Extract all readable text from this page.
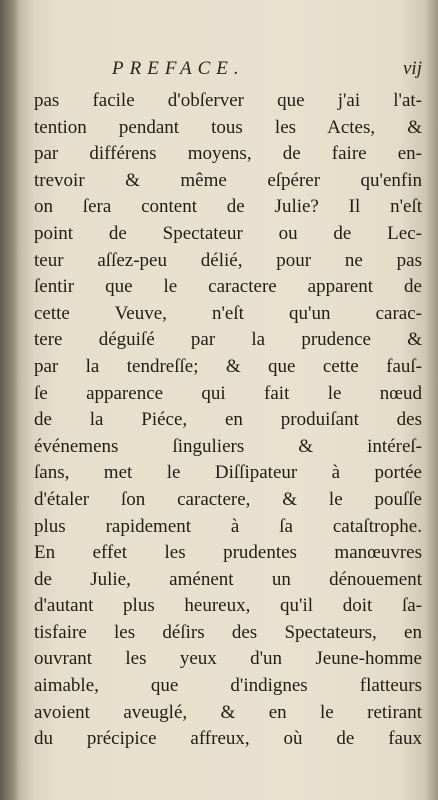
PREFACE.	vij
pas facile d'obſerver que j'ai l'at-
tention pendant tous les Actes, &
par différens moyens, de faire en-
trevoir & même eſpérer qu'enfin
on ſera content de Julie? Il n'eſt
point de Spectateur ou de Lec-
teur aſſez-peu délié, pour ne pas
ſentir que le caractere apparent de
cette Veuve, n'eſt qu'un carac-
tere déguiſé par la prudence &
par la tendreſſe; & que cette fauſ-
ſe apparence qui fait le nœud
de la Piéce, en produiſant des
événemens ſinguliers & intéreſ-
ſans, met le Diſſipateur à portée
d'étaler ſon caractere, & le pouſſe
plus rapidement à ſa cataſtrophe.
En effet les prudentes manœuvres
de Julie, aménent un dénouement
d'autant plus heureux, qu'il doit ſa-
tisfaire les déſirs des Spectateurs, en
ouvrant les yeux d'un Jeune-homme
aimable, que d'indignes flatteurs
avoient aveuglé, & en le retirant
du précipice affreux, où de faux
